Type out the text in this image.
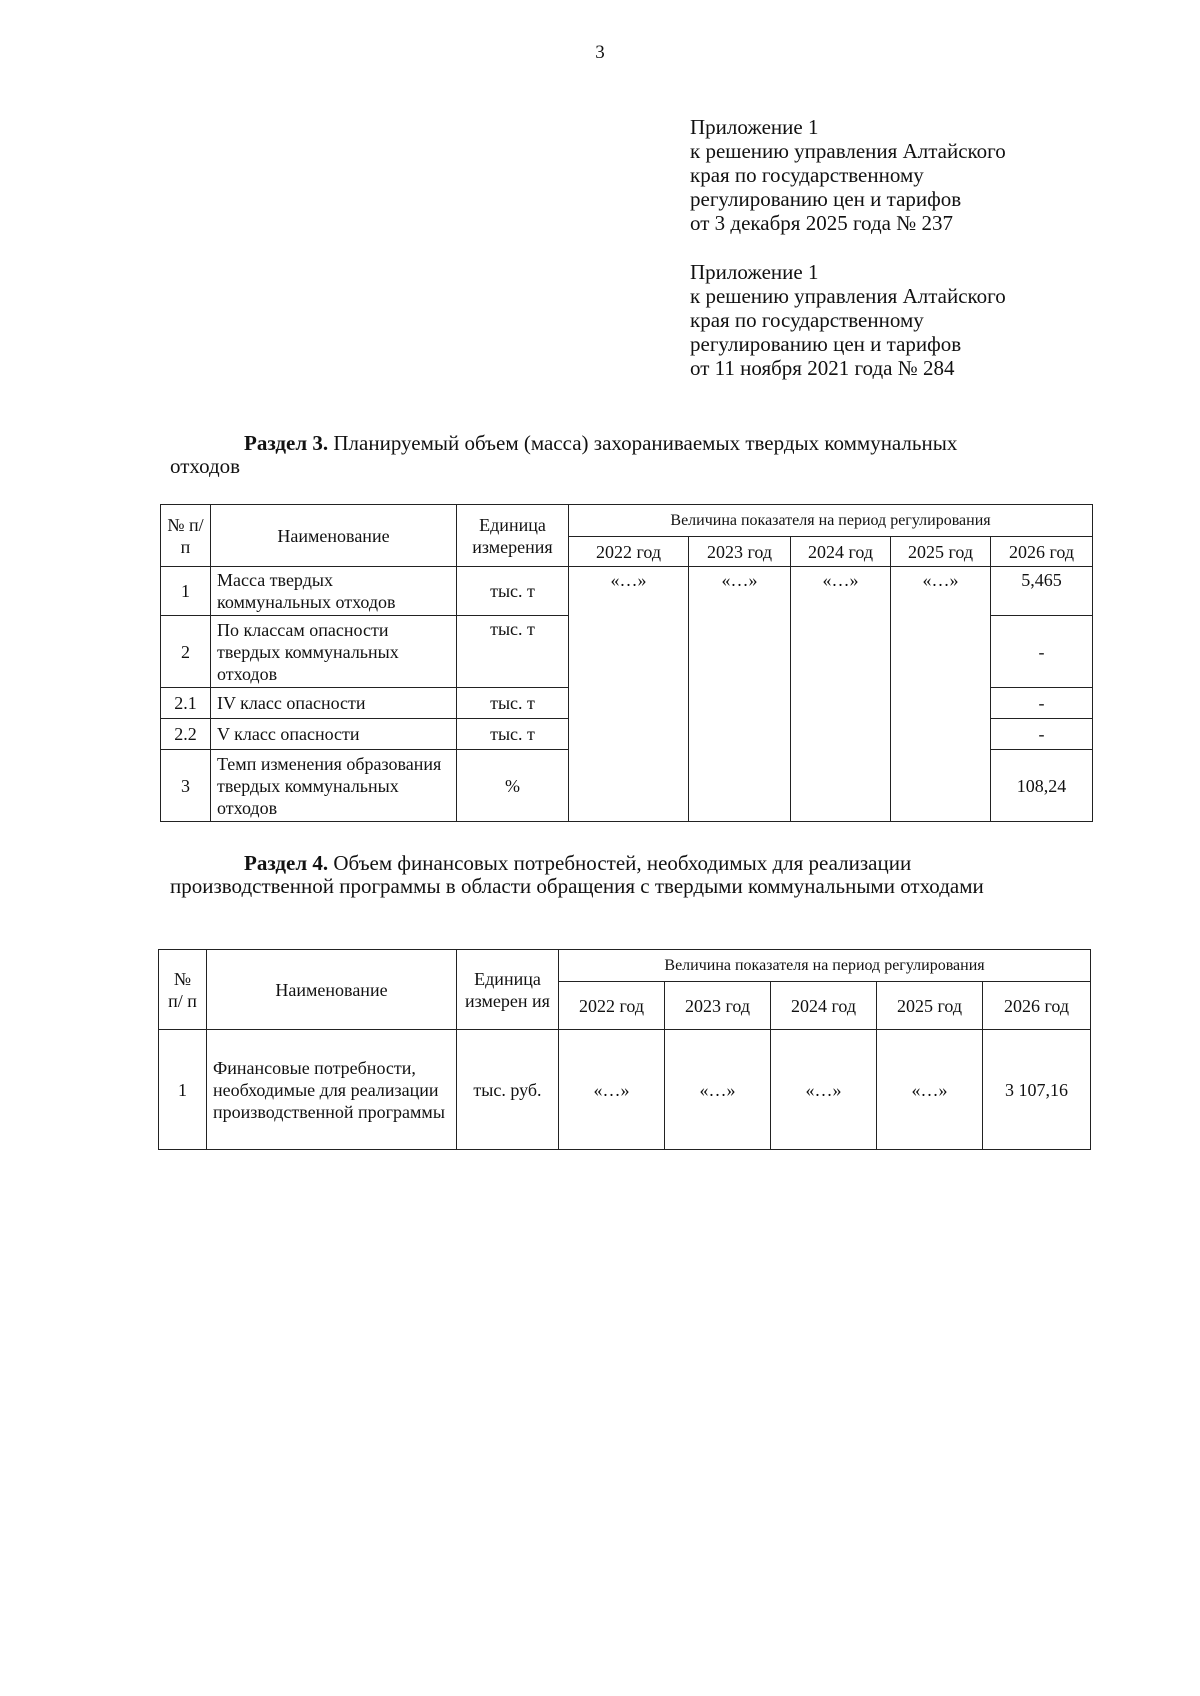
3
Приложение 1
к решению управления Алтайского
края по государственному
регулированию цен и тарифов
от 3 декабря 2025 года № 237
Приложение 1
к решению управления Алтайского
края по государственному
регулированию цен и тарифов
от 11 ноября 2021 года № 284
Раздел 3. Планируемый объем (масса) захораниваемых твердых коммунальных
отходов
№ п/п	Наименование	Единица измерения	Величина показателя на период регулирования				
			2022 год	2023 год	2024 год	2025 год	2026 год
1	Масса твердых коммунальных отходов	тыс. т	«…»	«…»	«…»	«…»	5,465
2	По классам опасности твердых коммунальных отходов	тыс. т					-
2.1	IV класс опасности	тыс. т					-
2.2	V класс опасности	тыс. т					-
3	Темп изменения образования твердых коммунальных отходов	%					108,24
Раздел 4. Объем финансовых потребностей, необходимых для реализации
производственной программы в области обращения с твердыми коммунальными отходами
№ п/ п	Наименование	Единица измерен ия	Величина показателя на период регулирования				
			2022 год	2023 год	2024 год	2025 год	2026 год
1	Финансовые потребности, необходимые для реализации производственной программы	тыс. руб.	«…»	«…»	«…»	«…»	3 107,16
